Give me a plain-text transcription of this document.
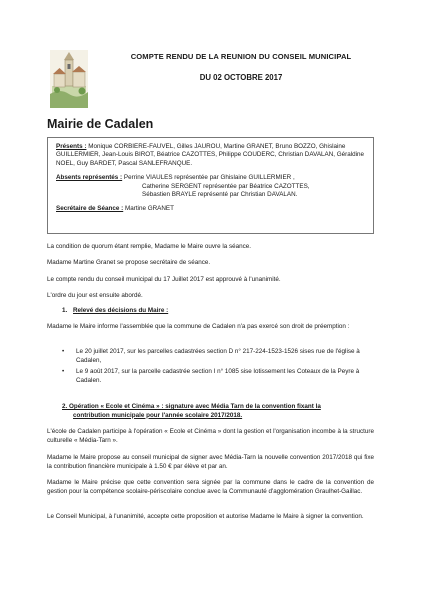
COMPTE RENDU DE LA REUNION DU CONSEIL MUNICIPAL
DU 02 OCTOBRE 2017
Mairie de Cadalen

Présents : Monique CORBIERE-FAUVEL, Gilles JAUROU, Martine GRANET, Bruno BOZZO, Ghislaine GUILLERMIER, Jean-Louis BIROT, Béatrice CAZOTTES, Philippe COUDERC, Christian DAVALAN, Géraldine NOEL, Guy BARDET, Pascal SANLEFRANQUE.

Absents représentés : Perrine VIAULES représentée par Ghislaine GUILLERMIER ,

Catherine SERGENT représentée par Béatrice CAZOTTES,

Sébastien BRAYLE représenté par Christian DAVALAN.

Secrétaire de Séance : Martine GRANET

La condition de quorum étant remplie, Madame le Maire ouvre la séance.
Madame Martine Granet se propose secrétaire de séance.
Le compte rendu du conseil municipal du 17 Juillet 2017 est approuvé à l'unanimité.
L'ordre du jour est ensuite abordé.
1. Relevé des décisions du Maire :
Madame le Maire informe l'assemblée que la commune de Cadalen n'a pas exercé son droit de préemption :
•	Le 20 juillet 2017, sur les parcelles cadastrées section D n° 217-224-1523-1526 sises rue de l'église à Cadalen,
•	Le 9 août 2017, sur la parcelle cadastrée section I n° 1085 sise lotissement les Coteaux de la Peyre à Cadalen.
2. Opération « Ecole et Cinéma » : signature avec Média Tarn de la convention fixant la
contribution municipale pour l'année scolaire 2017/2018.
L'école de Cadalen participe à l'opération « Ecole et Cinéma » dont la gestion et l'organisation incombe à la structure culturelle « Média-Tarn ».
Madame le Maire propose au conseil municipal de signer avec Média-Tarn la nouvelle convention 2017/2018 qui fixe la contribution financière municipale à 1.50 € par élève et par an.
Madame le Maire précise que cette convention sera signée par la commune dans le cadre de la convention de gestion pour la compétence scolaire-périscolaire conclue avec la Communauté d'agglomération Graulhet-Gaillac.
Le Conseil Municipal, à l'unanimité, accepte cette proposition et autorise Madame le Maire à signer la convention.
